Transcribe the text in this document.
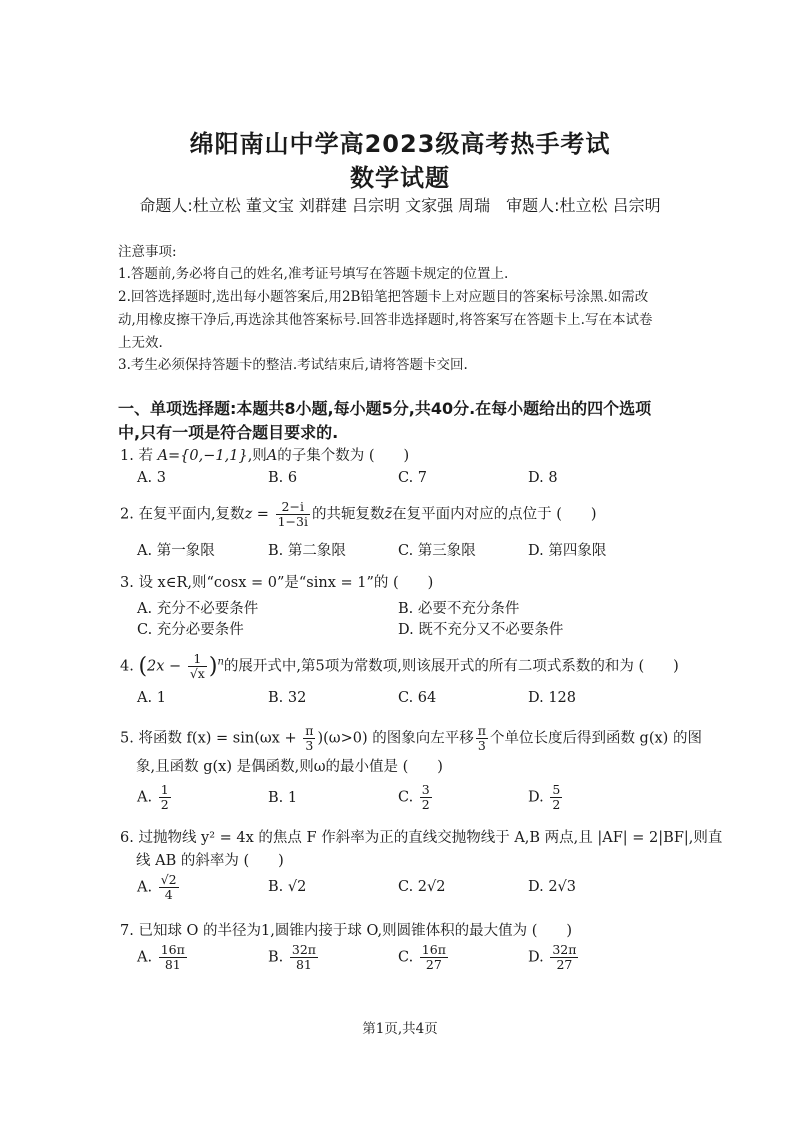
绵阳南山中学高2023级高考热手考试
数学试题
命题人:杜立松 董文宝 刘群建 吕宗明 文家强 周瑞　审题人:杜立松 吕宗明
注意事项:
1.答题前,务必将自己的姓名,准考证号填写在答题卡规定的位置上.
2.回答选择题时,选出每小题答案后,用2B铅笔把答题卡上对应题目的答案标号涂黑.如需改
动,用橡皮擦干净后,再选涂其他答案标号.回答非选择题时,将答案写在答题卡上.写在本试卷
上无效.
3.考生必须保持答题卡的整洁.考试结束后,请将答题卡交回.
一、单项选择题:本题共8小题,每小题5分,共40分.在每小题给出的四个选项
中,只有一项是符合题目要求的.
1. 若 A={0,−1,1},则A的子集个数为 (　　)
A. 3	B. 6	C. 7	D. 8
2. 在复平面内,复数$z = \frac{2-i}{1-3i}$ 的共轭复数z̄在复平面内对应的点位于 (　　)
A. 第一象限	B. 第二象限	C. 第三象限	D. 第四象限
3. 设 x∈R,则“cosx = 0”是“sinx = 1”的 (　　)
A. 充分不必要条件	B. 必要不充分条件
C. 充分必要条件	D. 既不充分又不必要条件
4. $(2x - \frac{1}{√x} )^n$的展开式中,第5项为常数项,则该展开式的所有二项式系数的和为 (　　)
A. 1	B. 32	C. 64	D. 128
5. 将函数 $f(x) = \sin(\omega x + \frac{\pi}{3} )(\omega>0)$ 的图象向左平移 $\frac{\pi}{3}$ 个单位长度后得到函数 g(x) 的图
象,且函数 g(x) 是偶函数,则ω的最小值是 (　　)
A. $\frac{1}{2}$	B. 1	C. $\frac{3}{2}$	D. $\frac{5}{2}$
6. 过抛物线 y² = 4x 的焦点 F 作斜率为正的直线交抛物线于 A,B 两点,且 |AF| = 2|BF|,则直
线 AB 的斜率为 (　　)
A. $\frac{√2}{4}$	B. √2	C. 2√2	D. 2√3
7. 已知球 O 的半径为1,圆锥内接于球 O,则圆锥体积的最大值为 (　　)
A. $\frac{16\pi}{81}$	B. $\frac{32\pi}{81}$	C. $\frac{16\pi}{27}$	D. $\frac{32\pi}{27}$
第1页,共4页
